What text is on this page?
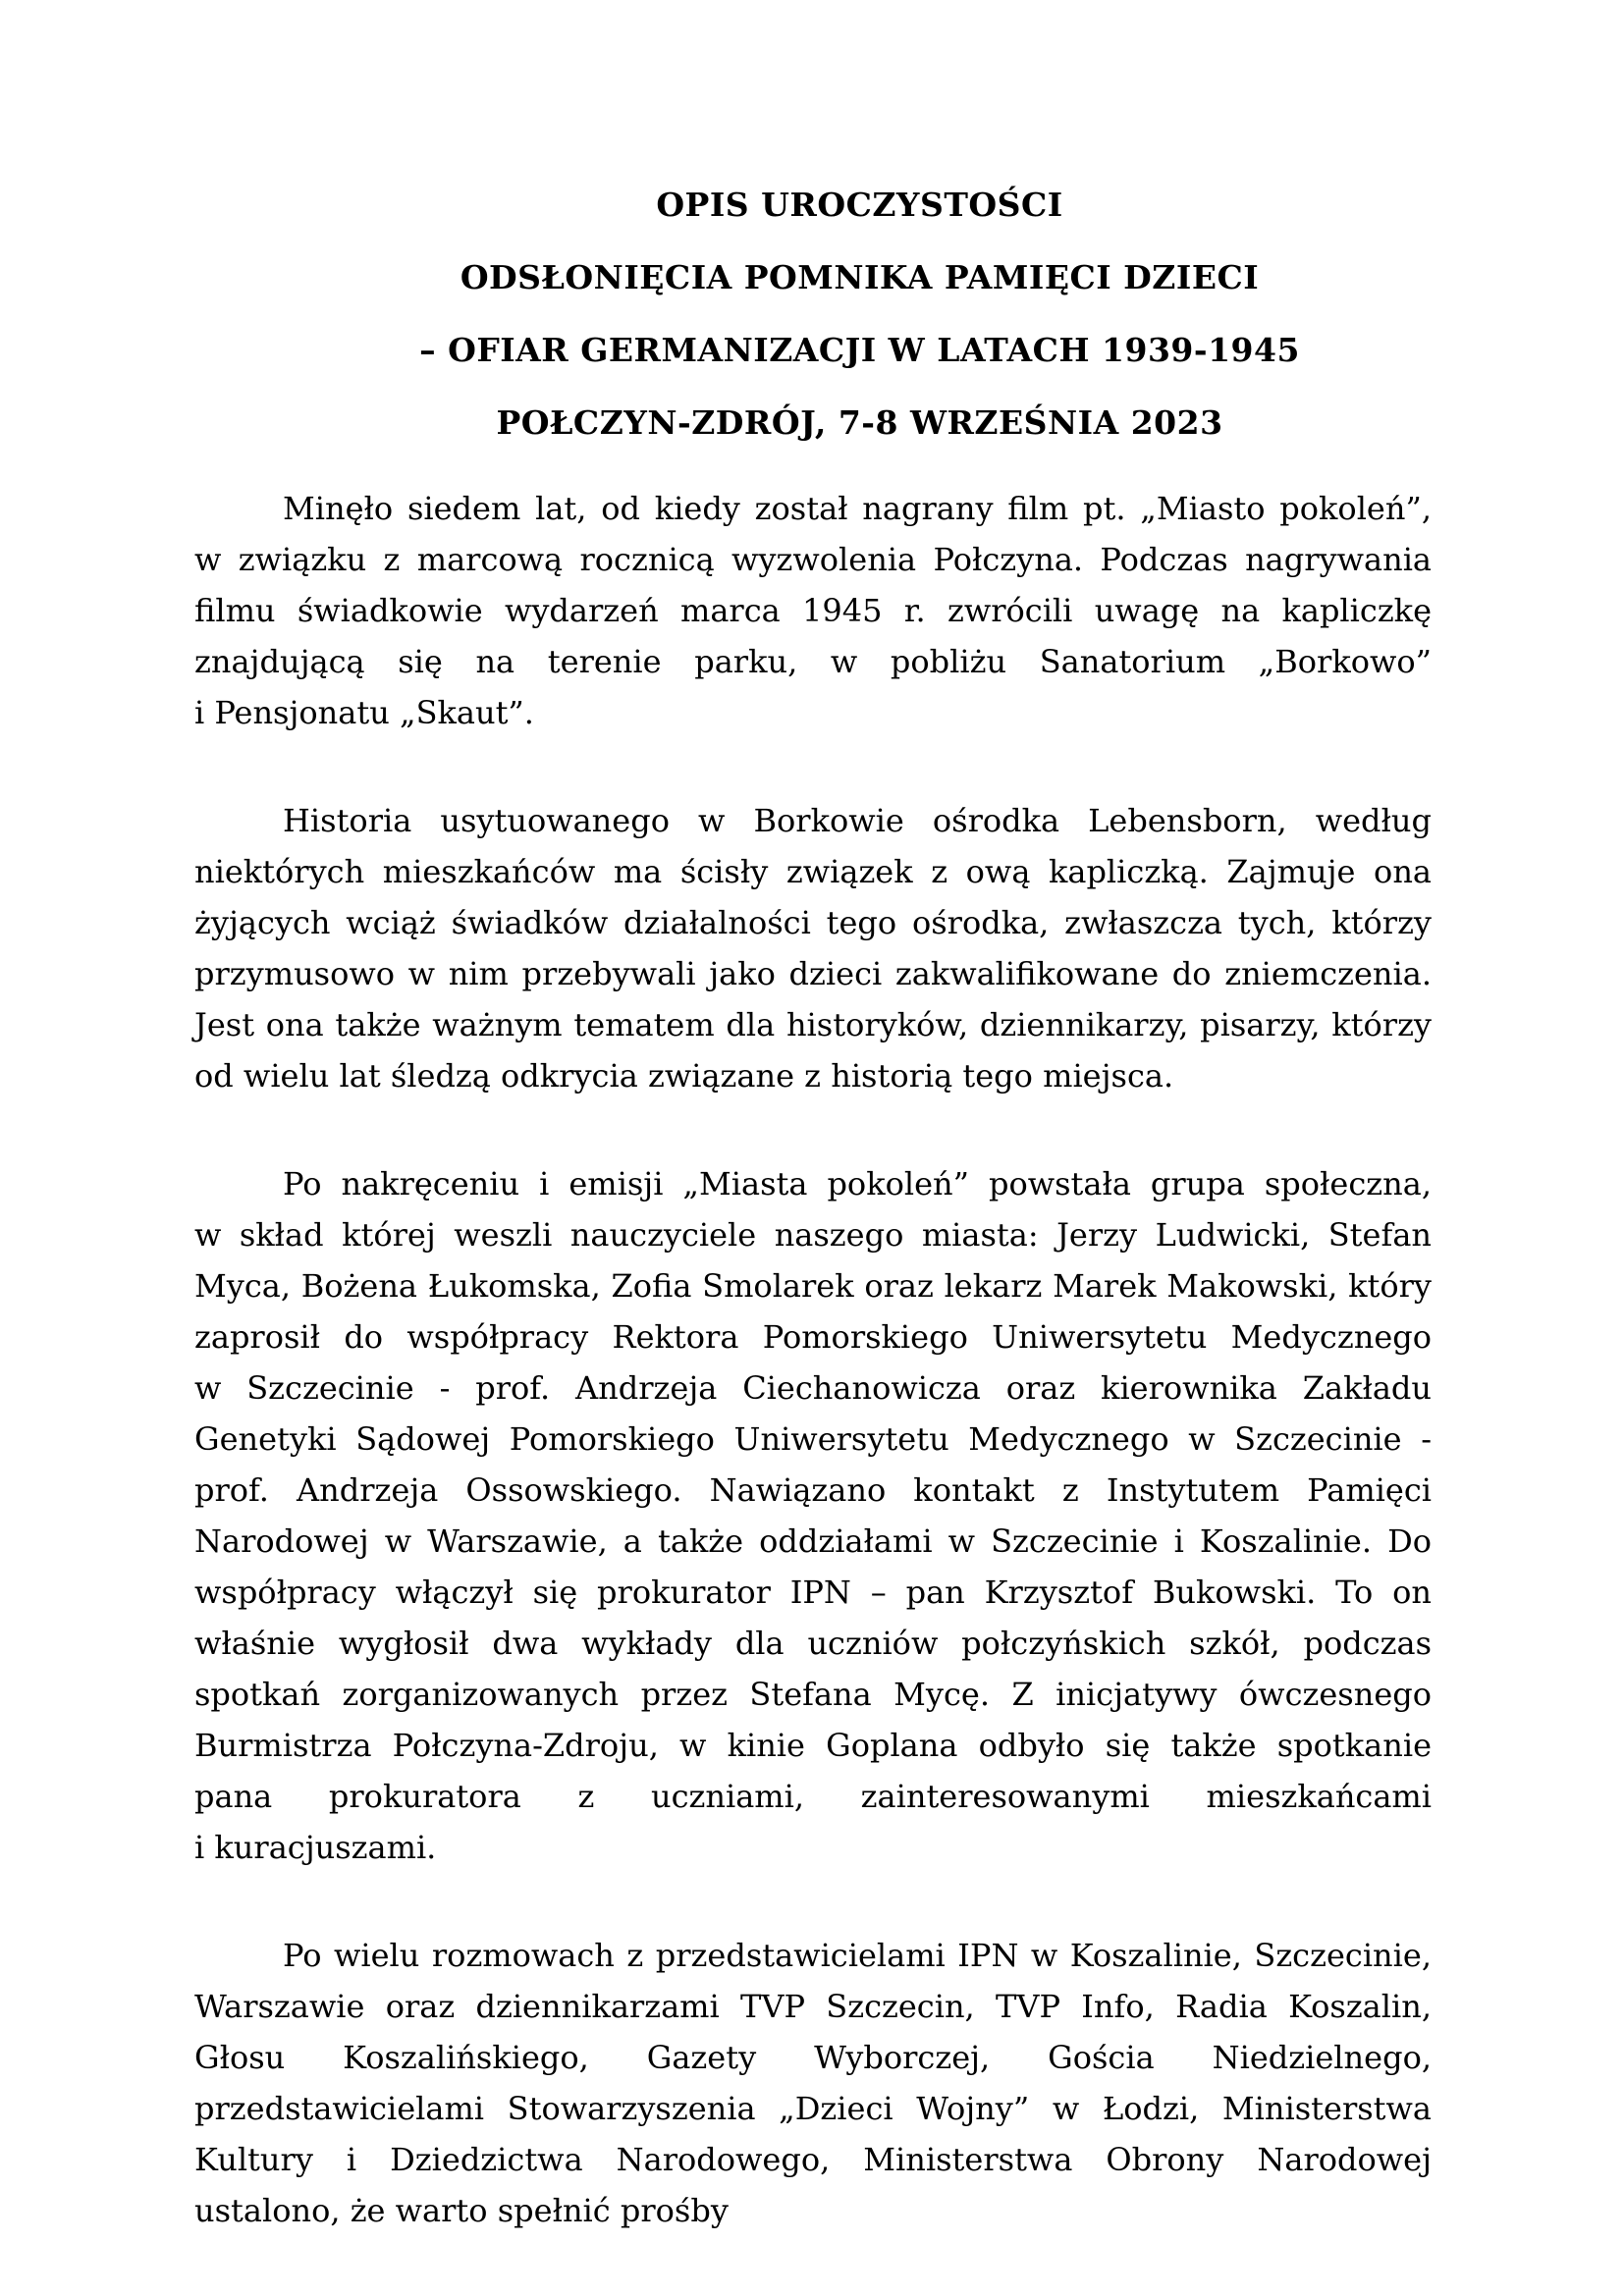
OPIS UROCZYSTOŚCI

ODSŁONIĘCIA POMNIKA PAMIĘCI DZIECI

– OFIAR GERMANIZACJI W LATACH 1939-1945

POŁCZYN-ZDRÓJ, 7-8 WRZEŚNIA 2023

Minęło siedem lat, od kiedy został nagrany film pt. „Miasto pokoleń”, w związku z marcową rocznicą wyzwolenia Połczyna. Podczas nagrywania filmu świadkowie wydarzeń marca 1945 r. zwrócili uwagę na kapliczkę znajdującą się na terenie parku, w pobliżu Sanatorium „Borkowo” i Pensjonatu „Skaut”.

Historia usytuowanego w Borkowie ośrodka Lebensborn, według niektórych mieszkańców ma ścisły związek z ową kapliczką. Zajmuje ona żyjących wciąż świadków działalności tego ośrodka, zwłaszcza tych, którzy przymusowo w nim przebywali jako dzieci zakwalifikowane do zniemczenia. Jest ona także ważnym tematem dla historyków, dziennikarzy, pisarzy, którzy od wielu lat śledzą odkrycia związane z historią tego miejsca.

Po nakręceniu i emisji „Miasta pokoleń” powstała grupa społeczna, w skład której weszli nauczyciele naszego miasta: Jerzy Ludwicki, Stefan Myca, Bożena Łukomska, Zofia Smolarek oraz lekarz Marek Makowski, który zaprosił do współpracy Rektora Pomorskiego Uniwersytetu Medycznego w Szczecinie - prof. Andrzeja Ciechanowicza oraz kierownika Zakładu Genetyki Sądowej Pomorskiego Uniwersytetu Medycznego w Szczecinie - prof. Andrzeja Ossowskiego. Nawiązano kontakt z Instytutem Pamięci Narodowej w Warszawie, a także oddziałami w Szczecinie i Koszalinie. Do współpracy włączył się prokurator IPN – pan Krzysztof Bukowski. To on właśnie wygłosił dwa wykłady dla uczniów połczyńskich szkół, podczas spotkań zorganizowanych przez Stefana Mycę. Z inicjatywy ówczesnego Burmistrza Połczyna-Zdroju, w kinie Goplana odbyło się także spotkanie pana prokuratora z uczniami, zainteresowanymi mieszkańcami i kuracjuszami.

Po wielu rozmowach z przedstawicielami IPN w Koszalinie, Szczecinie, Warszawie oraz dziennikarzami TVP Szczecin, TVP Info, Radia Koszalin, Głosu Koszalińskiego, Gazety Wyborczej, Gościa Niedzielnego, przedstawicielami Stowarzyszenia „Dzieci Wojny” w Łodzi, Ministerstwa Kultury i Dziedzictwa Narodowego, Ministerstwa Obrony Narodowej ustalono, że warto spełnić prośby
